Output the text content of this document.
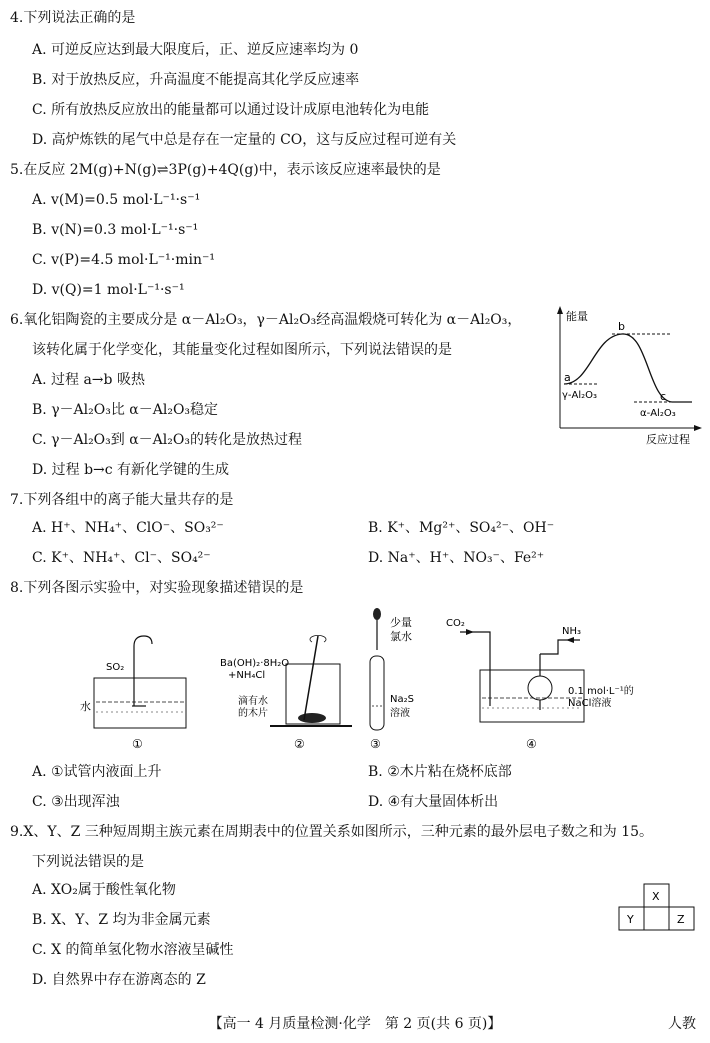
4.下列说法正确的是
A. 可逆反应达到最大限度后，正、逆反应速率均为 0
B. 对于放热反应，升高温度不能提高其化学反应速率
C. 所有放热反应放出的能量都可以通过设计成原电池转化为电能
D. 高炉炼铁的尾气中总是存在一定量的 CO，这与反应过程可逆有关
5.在反应 2M(g)+N(g)⇌3P(g)+4Q(g)中，表示该反应速率最快的是
A. v(M)=0.5 mol·L⁻¹·s⁻¹
B. v(N)=0.3 mol·L⁻¹·s⁻¹
C. v(P)=4.5 mol·L⁻¹·min⁻¹
D. v(Q)=1 mol·L⁻¹·s⁻¹
6.氧化铝陶瓷的主要成分是 α－Al₂O₃，γ－Al₂O₃经高温煅烧可转化为 α－Al₂O₃，
该转化属于化学变化，其能量变化过程如图所示，下列说法错误的是
A. 过程 a→b 吸热
B. γ－Al₂O₃比 α－Al₂O₃稳定
C. γ－Al₂O₃到 α－Al₂O₃的转化是放热过程
D. 过程 b→c 有新化学键的生成
能量
反应过程
a
b
c
γ-Al₂O₃
α-Al₂O₃
7.下列各组中的离子能大量共存的是
A. H⁺、NH₄⁺、ClO⁻、SO₃²⁻	B. K⁺、Mg²⁺、SO₄²⁻、OH⁻
C. K⁺、NH₄⁺、Cl⁻、SO₄²⁻	D. Na⁺、H⁺、NO₃⁻、Fe²⁺
8.下列各图示实验中，对实验现象描述错误的是
SO₂
水
①
Ba(OH)₂·8H₂O
+NH₄Cl
滴有水
的木片
②
少量
氯水
Na₂S
溶液
③
CO₂
NH₃
0.1 mol·L⁻¹的
NaCl溶液
④
A. ①试管内液面上升	B. ②木片粘在烧杯底部
C. ③出现浑浊	D. ④有大量固体析出
9.X、Y、Z 三种短周期主族元素在周期表中的位置关系如图所示，三种元素的最外层电子数之和为 15。
下列说法错误的是
A. XO₂属于酸性氧化物
B. X、Y、Z 均为非金属元素
C. X 的简单氢化物水溶液呈碱性
D. 自然界中存在游离态的 Z
X
Y	Z
【高一 4 月质量检测·化学　第 2 页(共 6 页)】	人教
